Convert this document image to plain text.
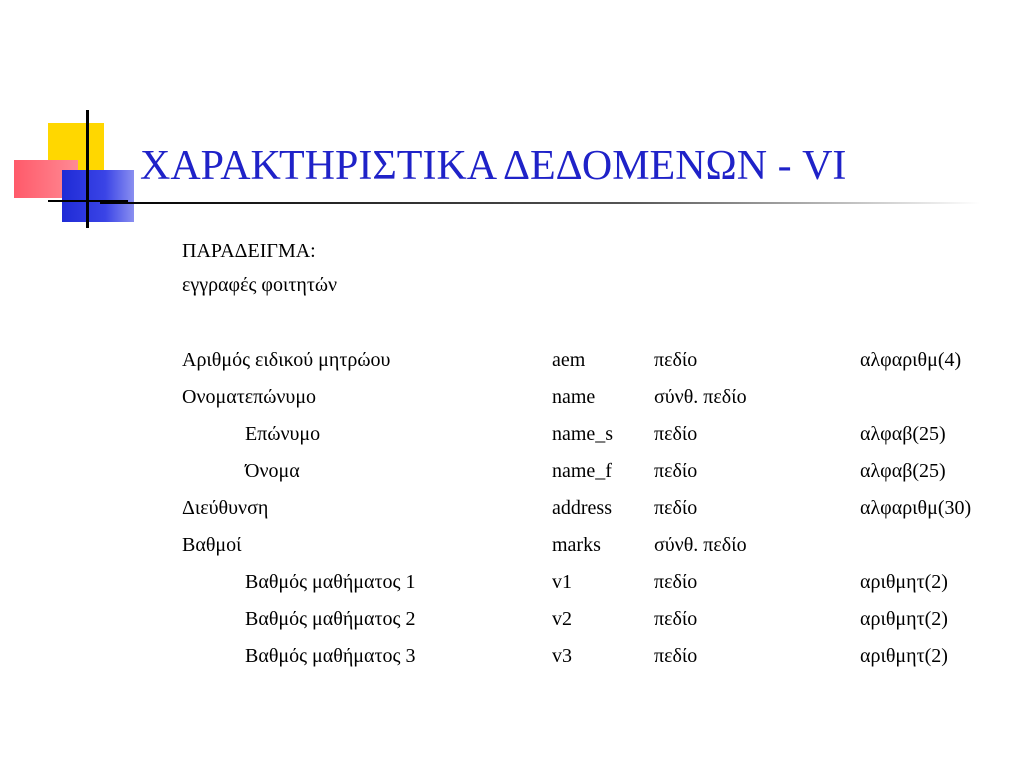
ΧΑΡΑΚΤΗΡΙΣΤΙΚΑ ΔΕΔΟΜΕΝΩΝ - VI
ΠΑΡΑΔΕΙΓΜΑ:
εγγραφές φοιτητών
Αριθμός ειδικού μητρώου	aem	πεδίο	αλφαριθμ(4)
Ονοματεπώνυμο	name	σύνθ. πεδίο
Επώνυμο	name_s πεδίο	αλφαβ(25)
Όνομα	name_f πεδίο	αλφαβ(25)
Διεύθυνση	address πεδίο	αλφαριθμ(30)
Βαθμοί	marks	σύνθ. πεδίο
Βαθμός μαθήματος 1	v1	πεδίο	αριθμητ(2)
Βαθμός μαθήματος 2	v2	πεδίο	αριθμητ(2)
Βαθμός μαθήματος 3	v3	πεδίο	αριθμητ(2)
